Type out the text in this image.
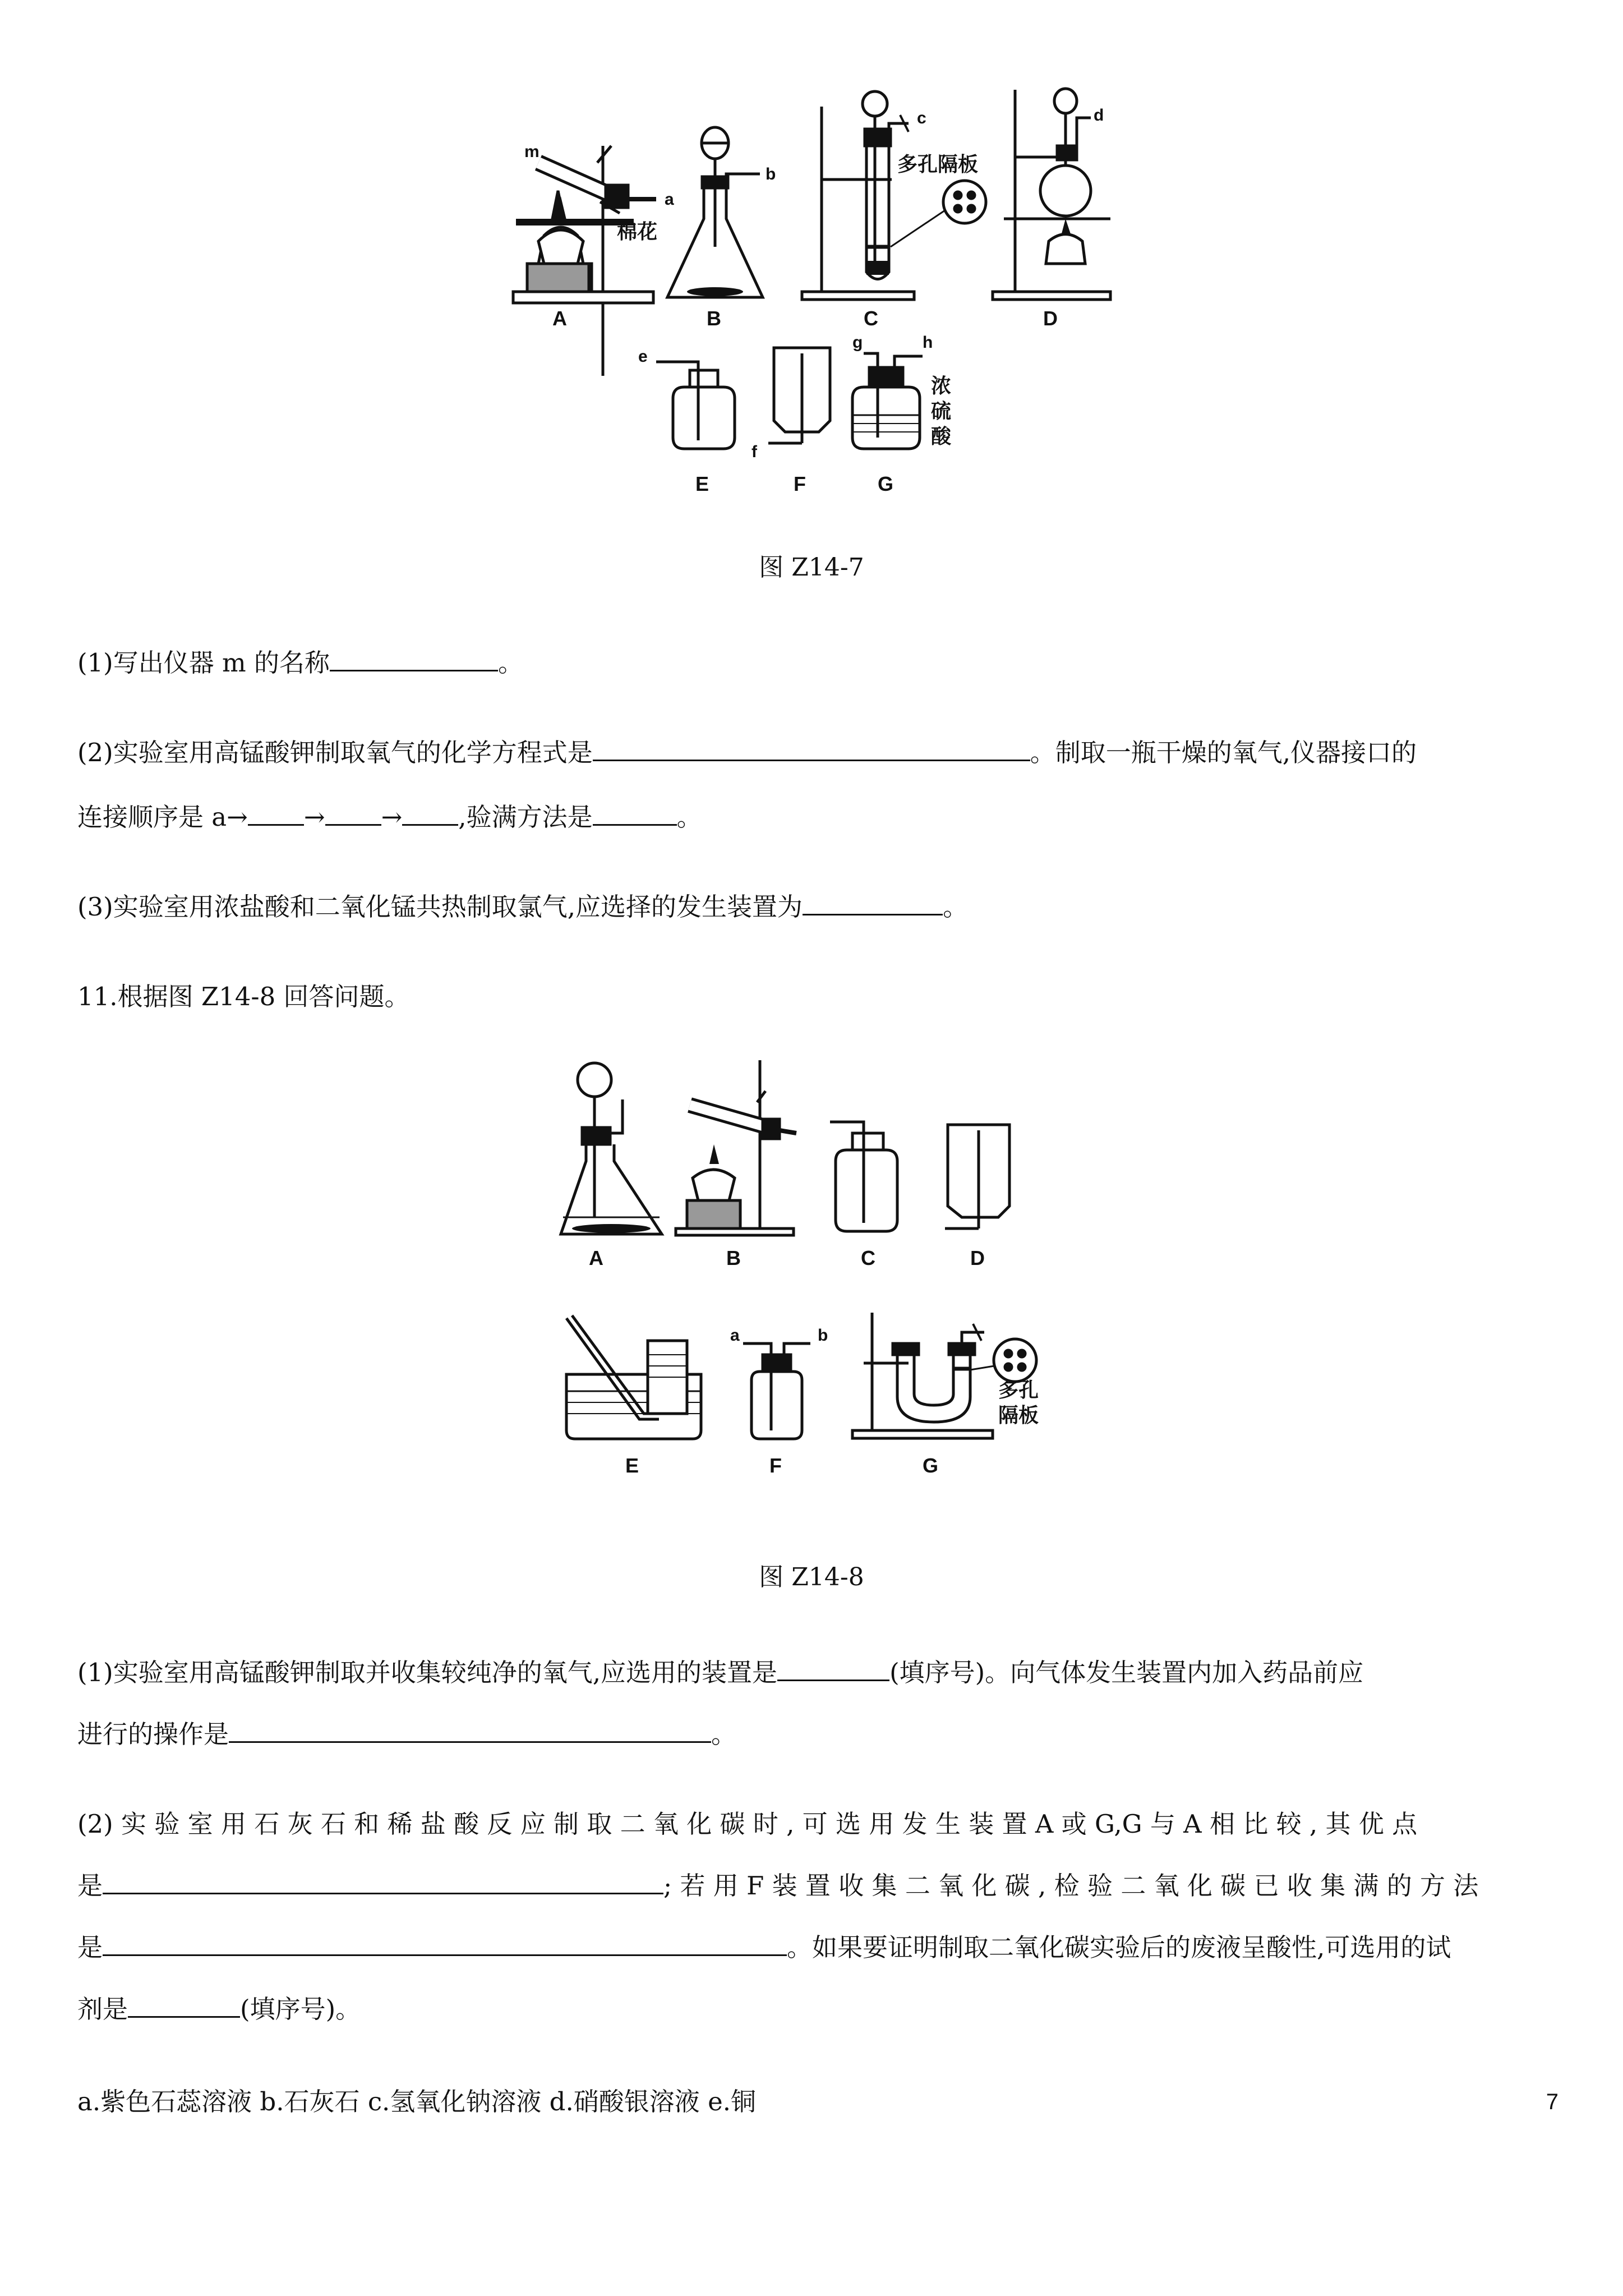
m
a
棉花
A
b
B
c
多孔隔板
C
d
D
e
E
f
F
g	h
浓
硫
酸
G
图 Z14-7
(1)写出仪器 m 的名称	。
(2)实验室用高锰酸钾制取氧气的化学方程式是	。制取一瓶干燥的氧气,仪器接口的
连接顺序是 a→ → → ,验满方法是	。
(3)实验室用浓盐酸和二氧化锰共热制取氯气,应选择的发生装置为	。
11.根据图 Z14-8 回答问题。
A	B	C	D
E
a	b
F
多孔
隔板
G
图 Z14-8
(1)实验室用高锰酸钾制取并收集较纯净的氧气,应选用的装置是	(填序号)。向气体发生装置内加入药品前应
进行的操作是	。
(2) 实 验 室 用 石 灰 石 和 稀 盐 酸 反 应 制 取 二 氧 化 碳 时 , 可 选 用 发 生 装 置 A 或 G,G 与 A 相 比 较 , 其 优 点
是	; 若 用 F 装 置 收 集 二 氧 化 碳 , 检 验 二 氧 化 碳 已 收 集 满 的 方 法
是	。如果要证明制取二氧化碳实验后的废液呈酸性,可选用的试
剂是	(填序号)。
a.紫色石蕊溶液 b.石灰石 c.氢氧化钠溶液 d.硝酸银溶液 e.铜	7
